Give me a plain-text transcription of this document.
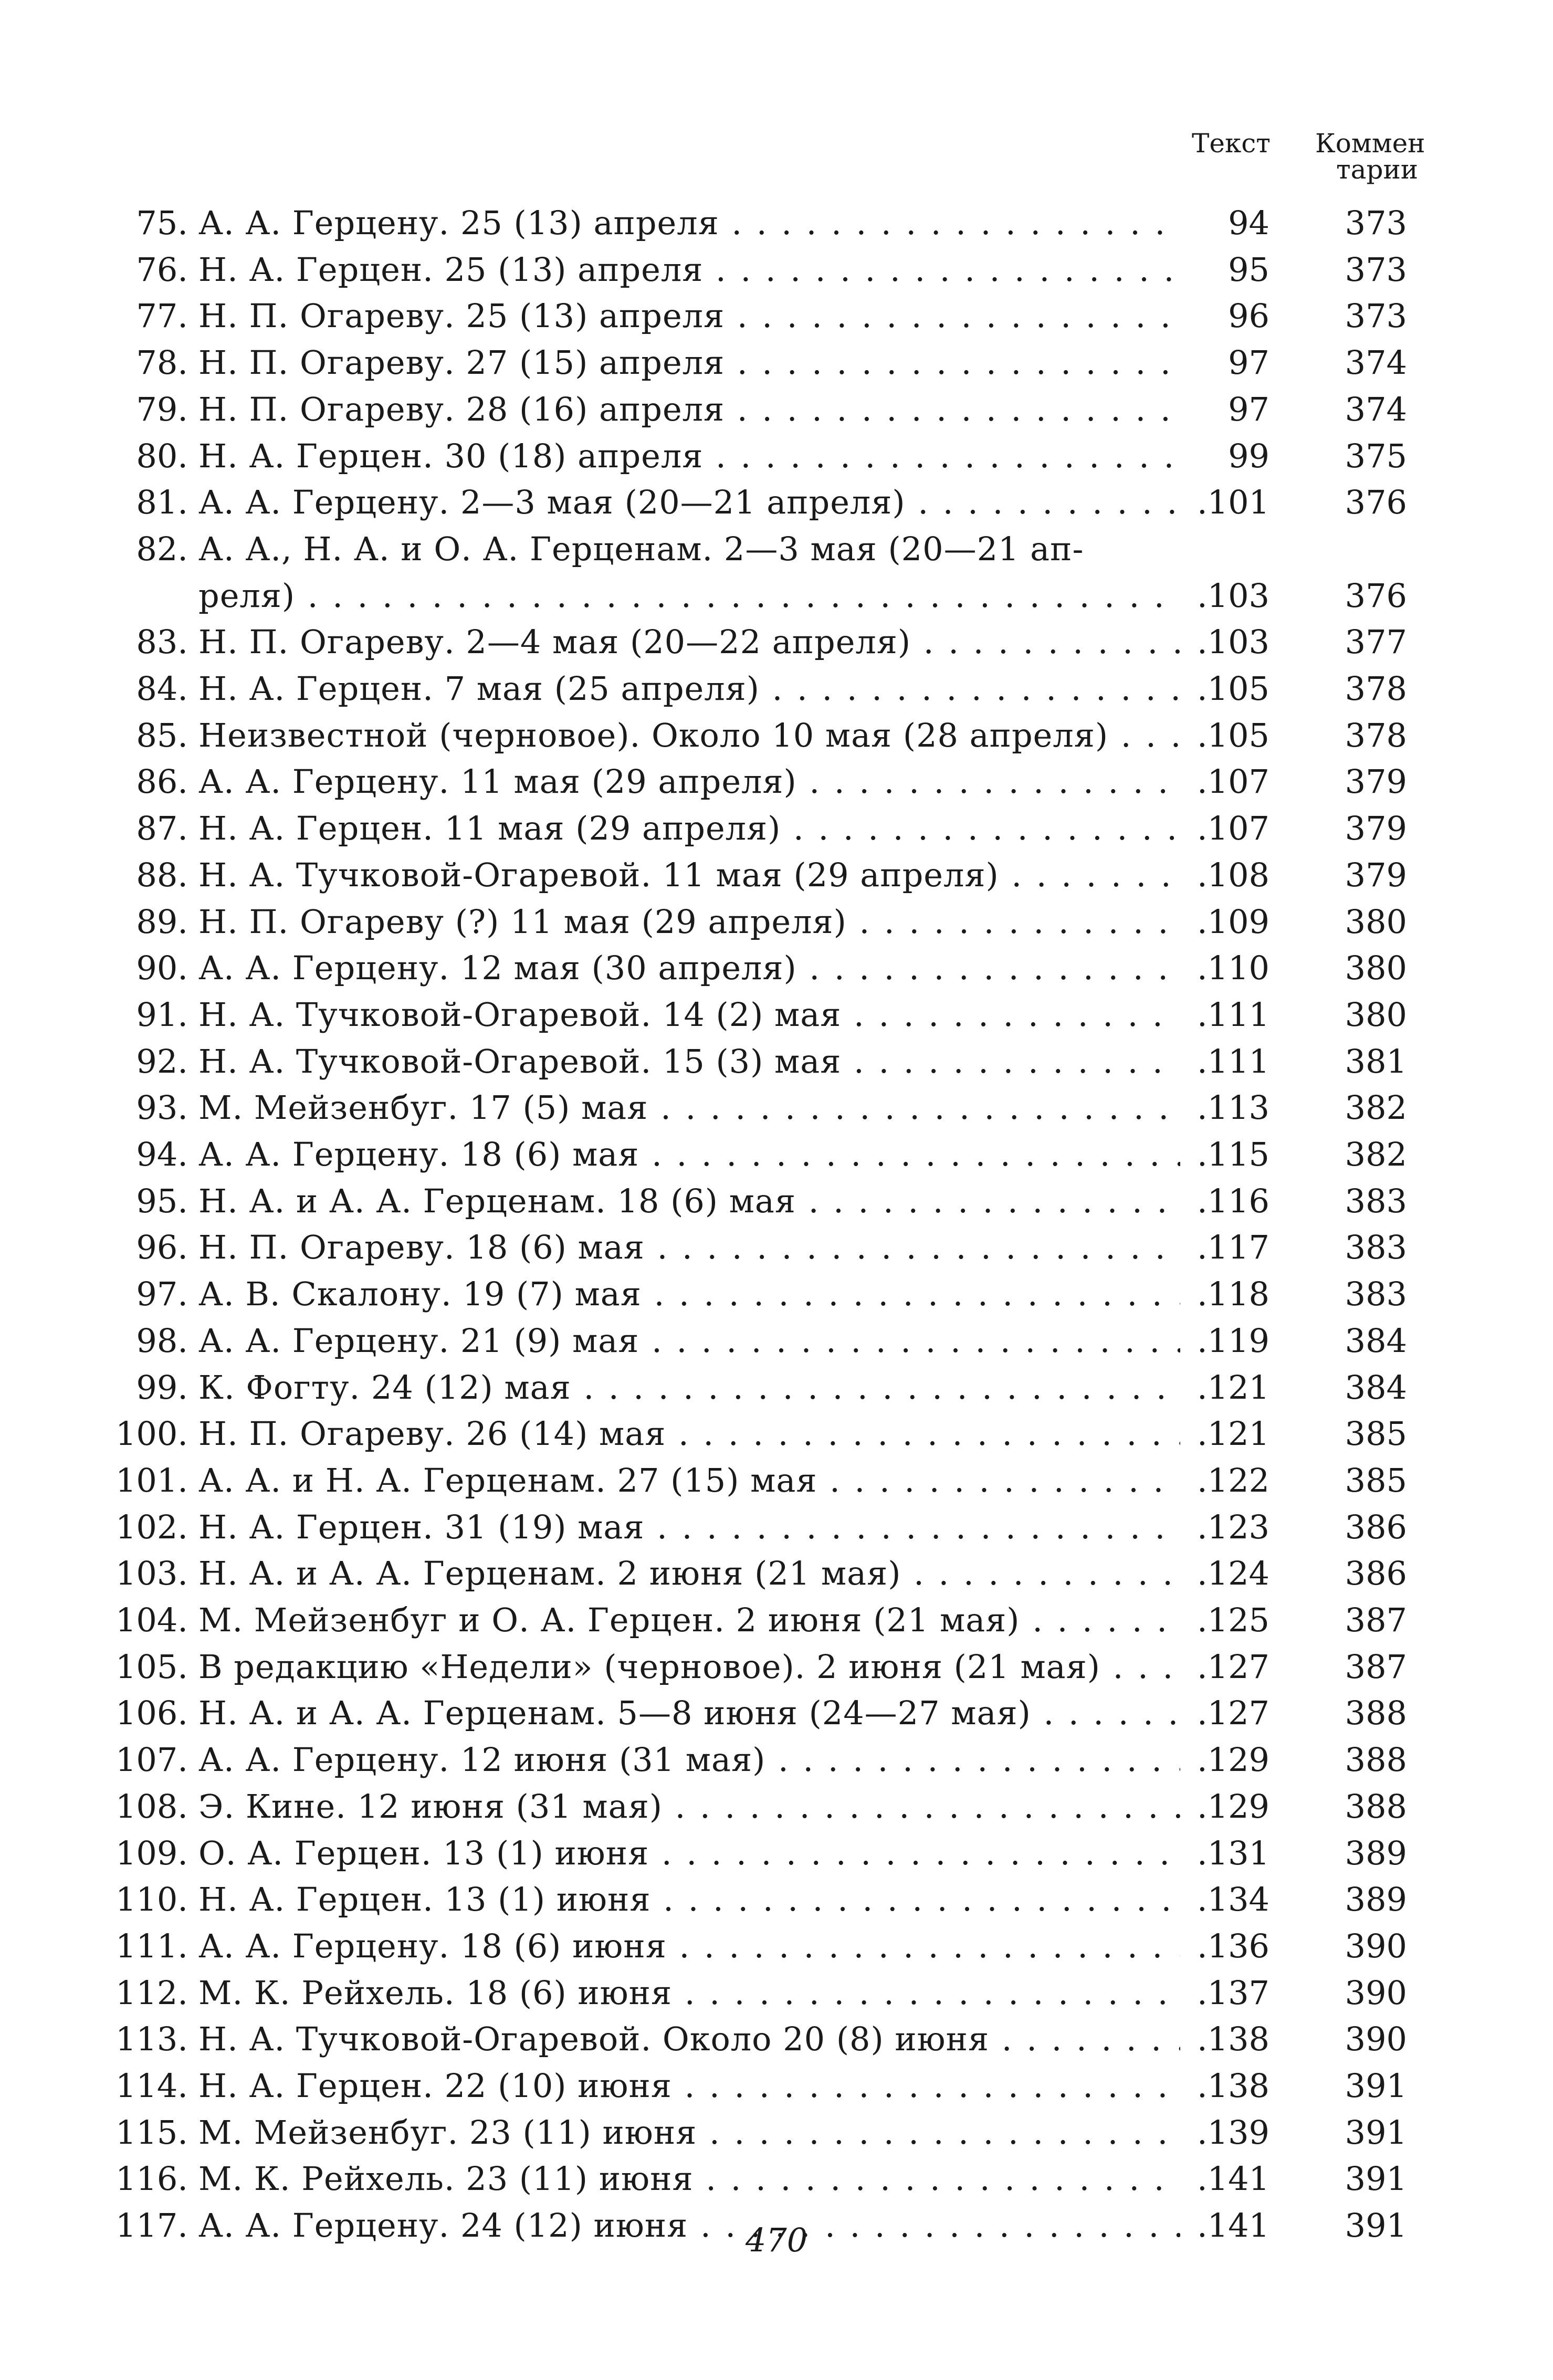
Текст Коммен
тарии
75. А. А. Герцену. 25 (13) апреля . . .	94 373
76. Н. А. Герцен. 25 (13) апреля . . .	95 373
77. Н. П. Огареву. 25 (13) апреля . . .	96 373
78. Н. П. Огареву. 27 (15) апреля . . .	97 374
79. Н. П. Огареву. 28 (16) апреля . . .	97 374
80. Н. А. Герцен. 30 (18) апреля . . .	99 375
81. А. А. Герцену. 2—3 мая (20—21 апреля) . . .	.101 376
82. А. А., Н. А. и О. А. Герценам. 2—3 мая (20—21 ап-
реля) . . .	.103 376
83. Н. П. Огареву. 2—4 мая (20—22 апреля) . . .	.103 377
84. Н. А. Герцен. 7 мая (25 апреля) . . .	.105 378
85. Неизвестной (черновое). Около 10 мая (28 апреля) . . .	.105 378
86. А. А. Герцену. 11 мая (29 апреля) . . .	.107 379
87. Н. А. Герцен. 11 мая (29 апреля) . . .	.107 379
88. Н. А. Тучковой-Огаревой. 11 мая (29 апреля) . . .	.108 379
89. Н. П. Огареву (?) 11 мая (29 апреля) . . .	.109 380
90. А. А. Герцену. 12 мая (30 апреля) . . .	.110 380
91. Н. А. Тучковой-Огаревой. 14 (2) мая . . .	.111 380
92. Н. А. Тучковой-Огаревой. 15 (3) мая . . .	.111 381
93. М. Мейзенбуг. 17 (5) мая . . .	.113 382
94. А. А. Герцену. 18 (6) мая . . .	.115 382
95. Н. А. и А. А. Герценам. 18 (6) мая . . .	.116 383
96. Н. П. Огареву. 18 (6) мая . . .	.117 383
97. А. В. Скалону. 19 (7) мая . . .	.118 383
98. А. А. Герцену. 21 (9) мая . . .	.119 384
99. К. Фогту. 24 (12) мая . . .	.121 384
100. Н. П. Огареву. 26 (14) мая . . .	.121 385
101. А. А. и Н. А. Герценам. 27 (15) мая . . .	.122 385
102. Н. А. Герцен. 31 (19) мая . . .	.123 386
103. Н. А. и А. А. Герценам. 2 июня (21 мая) . . .	.124 386
104. М. Мейзенбуг и О. А. Герцен. 2 июня (21 мая) . . .	.125 387
105. В редакцию «Недели» (черновое). 2 июня (21 мая) . . .	.127 387
106. Н. А. и А. А. Герценам. 5—8 июня (24—27 мая) . . .	.127 388
107. А. А. Герцену. 12 июня (31 мая) . . .	.129 388
108. Э. Кине. 12 июня (31 мая) . . .	.129 388
109. О. А. Герцен. 13 (1) июня . . .	.131 389
110. Н. А. Герцен. 13 (1) июня . . .	.134 389
111. А. А. Герцену. 18 (6) июня . . .	.136 390
112. М. К. Рейхель. 18 (6) июня . . .	.137 390
113. Н. А. Тучковой-Огаревой. Около 20 (8) июня . . .	.138 390
114. Н. А. Герцен. 22 (10) июня . . .	.138 391
115. М. Мейзенбуг. 23 (11) июня . . .	.139 391
116. М. К. Рейхель. 23 (11) июня . . .	.141 391
117. А. А. Герцену. 24 (12) июня . . .	.141 391
470
